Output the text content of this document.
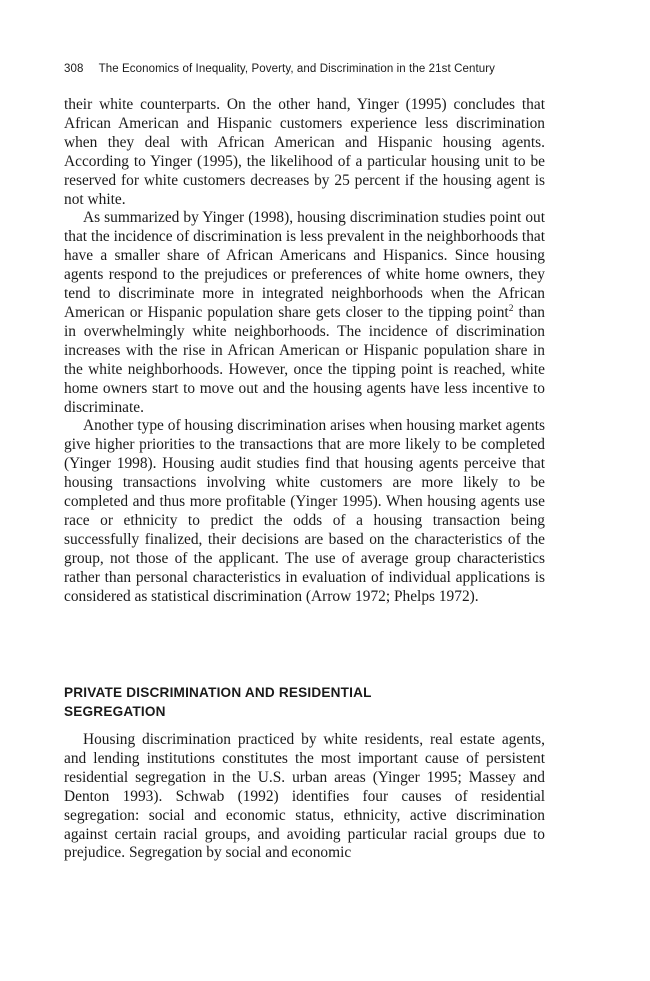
308 The Economics of Inequality, Poverty, and Discrimination in the 21st Century

their white counterparts. On the other hand, Yinger (1995) concludes that African American and Hispanic customers experience less discrimination when they deal with African American and Hispanic housing agents. According to Yinger (1995), the likelihood of a particular housing unit to be reserved for white customers decreases by 25 percent if the housing agent is not white.

As summarized by Yinger (1998), housing discrimination studies point out that the incidence of discrimination is less prevalent in the neighborhoods that have a smaller share of African Americans and Hispanics. Since housing agents respond to the prejudices or preferences of white home owners, they tend to discriminate more in integrated neighborhoods when the African American or Hispanic population share gets closer to the tipping point$^2$ than in overwhelmingly white neighborhoods. The incidence of discrimination increases with the rise in African American or Hispanic population share in the white neighborhoods. However, once the tipping point is reached, white home owners start to move out and the housing agents have less incentive to discriminate.

Another type of housing discrimination arises when housing market agents give higher priorities to the transactions that are more likely to be completed (Yinger 1998). Housing audit studies find that housing agents perceive that housing transactions involving white customers are more likely to be completed and thus more profitable (Yinger 1995). When housing agents use race or ethnicity to predict the odds of a housing transaction being successfully finalized, their decisions are based on the characteristics of the group, not those of the applicant. The use of average group characteristics rather than personal characteristics in evaluation of individual applications is considered as statistical discrimination (Arrow 1972; Phelps 1972).

PRIVATE DISCRIMINATION AND RESIDENTIAL
SEGREGATION

Housing discrimination practiced by white residents, real estate agents, and lending institutions constitutes the most important cause of persistent residential segregation in the U.S. urban areas (Yinger 1995; Massey and Denton 1993). Schwab (1992) identifies four causes of residential segregation: social and economic status, ethnicity, active discrimination against certain racial groups, and avoiding particular racial groups due to prejudice. Segregation by social and economic
